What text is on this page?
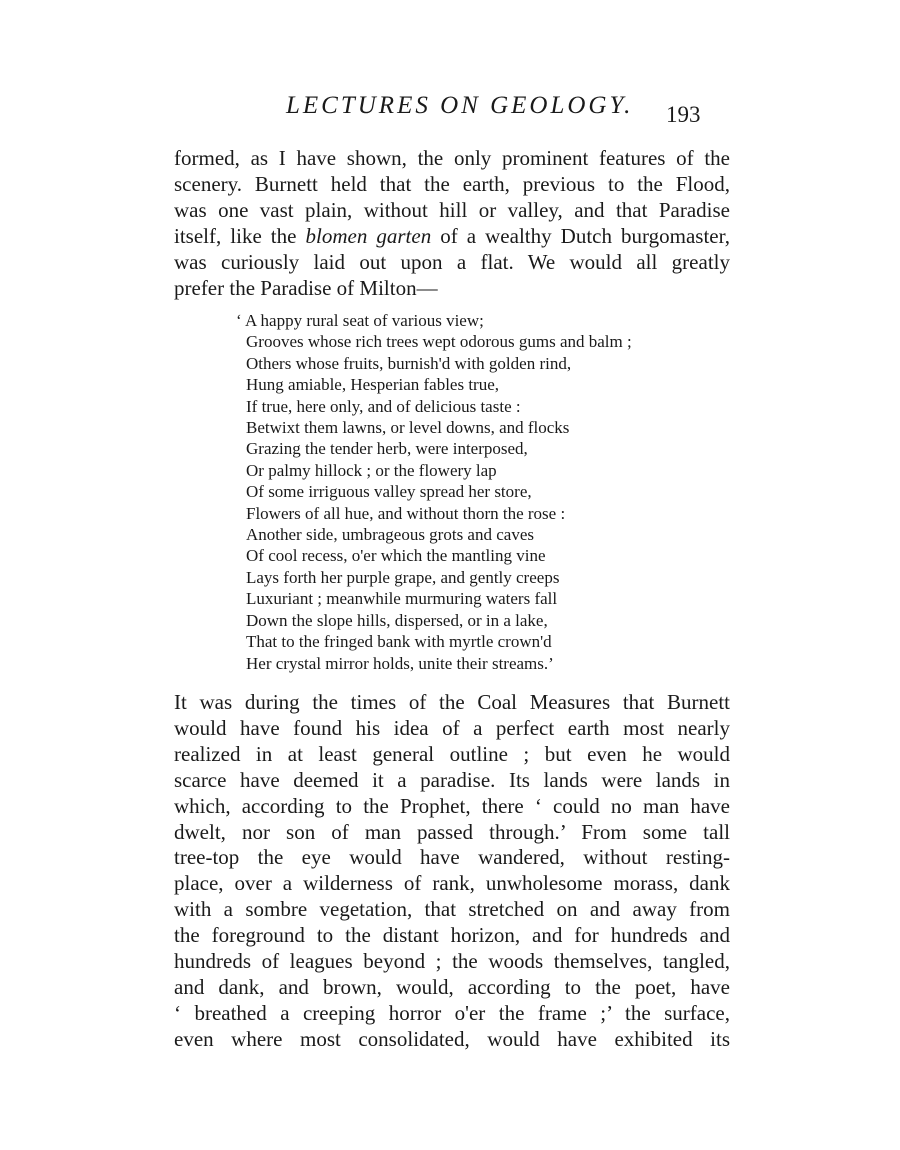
LECTURES ON GEOLOGY. 193
formed, as I have shown, the only prominent features of the
scenery. Burnett held that the earth, previous to the Flood,
was one vast plain, without hill or valley, and that Paradise
itself, like the blomen garten of a wealthy Dutch burgomaster,
was curiously laid out upon a flat. We would all greatly
prefer the Paradise of Milton—
‘ A happy rural seat of various view;
Grooves whose rich trees wept odorous gums and balm ;
Others whose fruits, burnish'd with golden rind,
Hung amiable, Hesperian fables true,
If true, here only, and of delicious taste :
Betwixt them lawns, or level downs, and flocks
Grazing the tender herb, were interposed,
Or palmy hillock ; or the flowery lap
Of some irriguous valley spread her store,
Flowers of all hue, and without thorn the rose :
Another side, umbrageous grots and caves
Of cool recess, o'er which the mantling vine
Lays forth her purple grape, and gently creeps
Luxuriant ; meanwhile murmuring waters fall
Down the slope hills, dispersed, or in a lake,
That to the fringed bank with myrtle crown'd
Her crystal mirror holds, unite their streams.’
It was during the times of the Coal Measures that Burnett
would have found his idea of a perfect earth most nearly
realized in at least general outline ; but even he would
scarce have deemed it a paradise. Its lands were lands in
which, according to the Prophet, there ‘ could no man have
dwelt, nor son of man passed through.’ From some tall
tree-top the eye would have wandered, without resting-
place, over a wilderness of rank, unwholesome morass, dank
with a sombre vegetation, that stretched on and away from
the foreground to the distant horizon, and for hundreds and
hundreds of leagues beyond ; the woods themselves, tangled,
and dank, and brown, would, according to the poet, have
‘ breathed a creeping horror o'er the frame ;’ the surface,
even where most consolidated, would have exhibited its
